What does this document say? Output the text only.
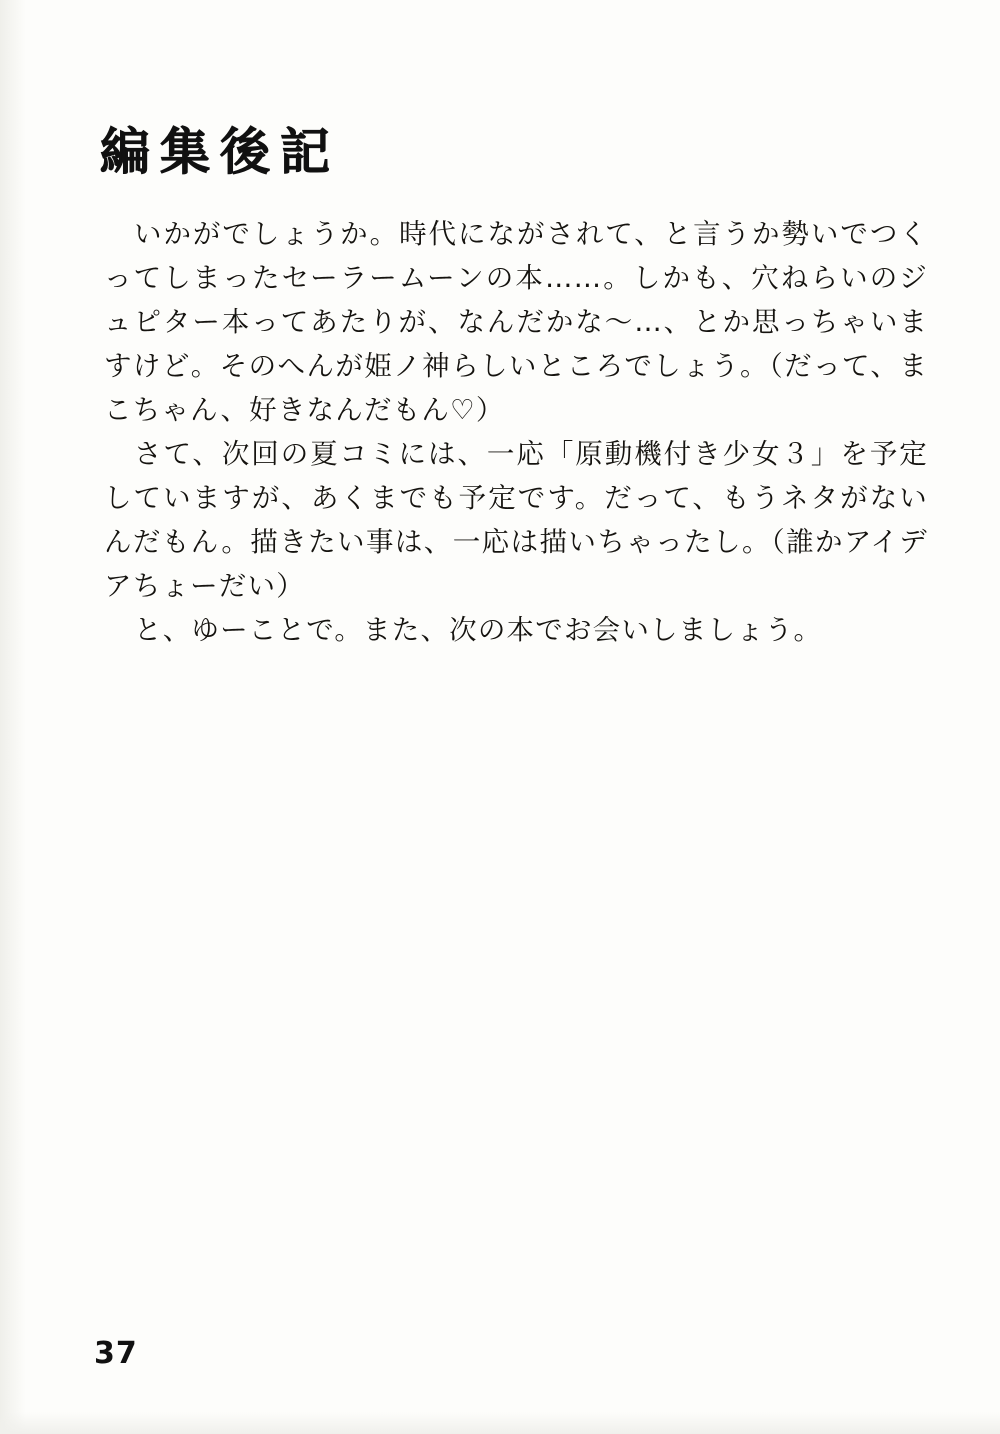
編集後記

いかがでしょうか。時代にながされて、と言うか勢いでつくってしまったセーラームーンの本……。しかも、穴ねらいのジュピター本ってあたりが、なんだかな〜…、とか思っちゃいますけど。そのへんが姫ノ神らしいところでしょう。（だって、まこちゃん、好きなんだもん♡）

さて、次回の夏コミには、一応「原動機付き少女３」を予定していますが、あくまでも予定です。だって、もうネタがないんだもん。描きたい事は、一応は描いちゃったし。（誰かアイデアちょーだい）

と、ゆーことで。また、次の本でお会いしましょう。

37
